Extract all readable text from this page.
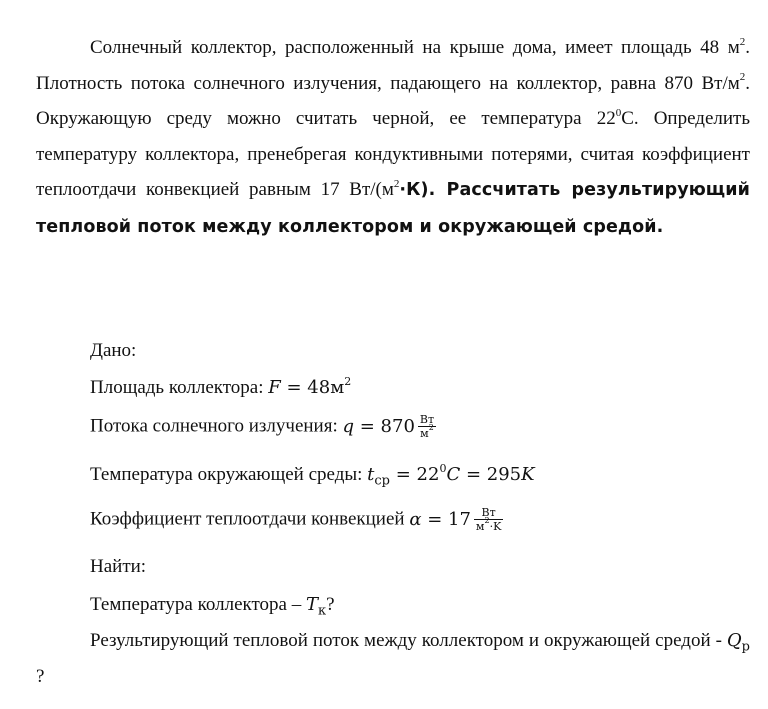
Солнечный коллектор, расположенный на крыше дома, имеет площадь 48 $м^2$. Плотность потока солнечного излучения, падающего на коллектор, равна 870 $Вт/м^2$. Окружающую среду можно считать черной, ее температура $22^0С$. Определить температуру коллектора, пренебрегая кондуктивными потерями, считая коэффициент теплоотдачи конвекцией равным 17 $Вт/(м^2\cdot К)$. Рассчитать результирующий тепловой поток между коллектором и окружающей средой.

Дано:
Площадь коллектора: $F = 48м^2$
Потока солнечного излучения: $q = 870 \frac{Вт}{м^2}$
Температура окружающей среды: $t_{ср} = 22^0C = 295K$
Коэффициент теплоотдачи конвекцией $\alpha = 17 \frac{Вт}{м^2\cdot K}$
Найти:
Температура коллектора – $T_к$?

Результирующий тепловой поток между коллектором и окружающей средой - $Q_р$ ?
